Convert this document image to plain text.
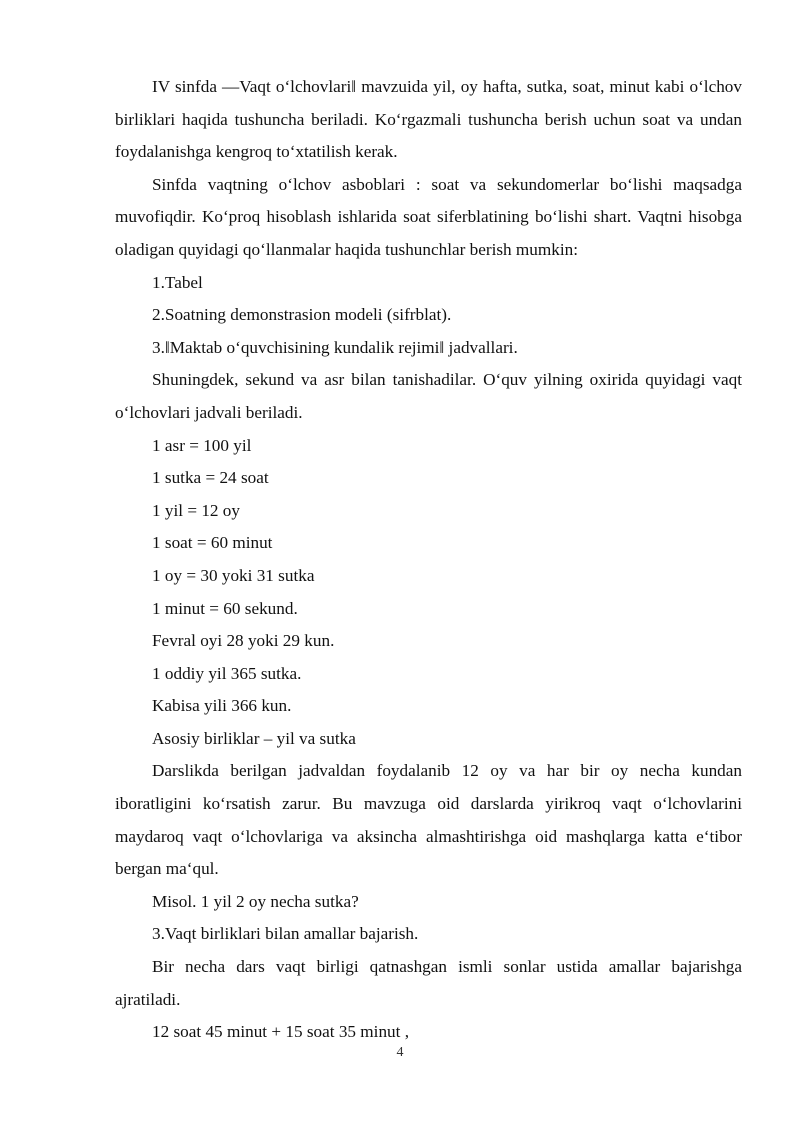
IV sinfda —Vaqt o‘lchovlari‖ mavzuida yil, oy hafta, sutka, soat, minut kabi o‘lchov birliklari haqida tushuncha beriladi. Ko‘rgazmali tushuncha berish uchun soat va undan foydalanishga kengroq to‘xtatilish kerak.

Sinfda vaqtning o‘lchov asboblari : soat va sekundomerlar bo‘lishi maqsadga muvofiqdir. Ko‘proq hisoblash ishlarida soat siferblatining bo‘lishi shart. Vaqtni hisobga oladigan quyidagi qo‘llanmalar haqida tushunchlar berish mumkin:

1.Tabel

2.Soatning demonstrasion modeli (sifrblat).

3.‖Maktab o‘quvchisining kundalik rejimi‖ jadvallari.

Shuningdek, sekund va asr bilan tanishadilar. O‘quv yilning oxirida quyidagi vaqt o‘lchovlari jadvali beriladi.

1 asr = 100 yil

1 sutka = 24 soat

1 yil = 12 oy

1 soat = 60 minut

1 oy = 30 yoki 31 sutka

1 minut = 60 sekund.

Fevral oyi 28 yoki 29 kun.

1 oddiy yil 365 sutka.

Kabisa yili 366 kun.

Asosiy birliklar – yil va sutka

Darslikda berilgan jadvaldan foydalanib 12 oy va har bir oy necha kundan iboratligini ko‘rsatish zarur. Bu mavzuga oid darslarda yirikroq vaqt o‘lchovlarini maydaroq vaqt o‘lchovlariga va aksincha almashtirishga oid mashqlarga katta e‘tibor bergan ma‘qul.

Misol. 1 yil 2 oy necha sutka?

3.Vaqt birliklari bilan amallar bajarish.

Bir necha dars vaqt birligi qatnashgan ismli sonlar ustida amallar bajarishga ajratiladi.

12 soat 45 minut + 15 soat 35 minut ,

4
